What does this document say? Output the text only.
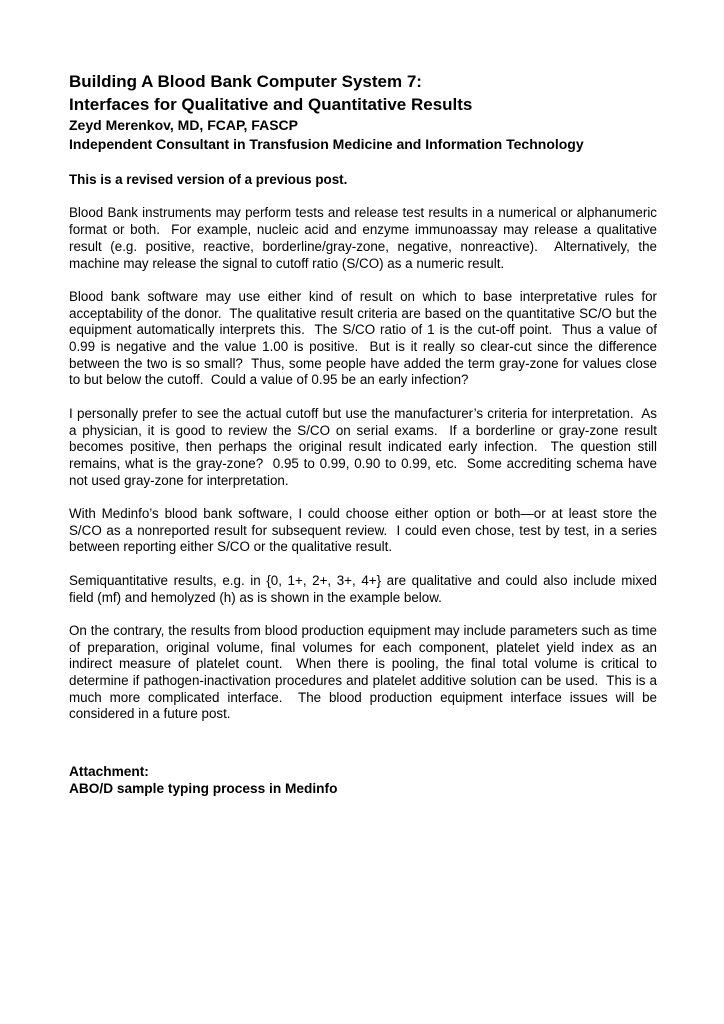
Building A Blood Bank Computer System 7:
Interfaces for Qualitative and Quantitative Results
Zeyd Merenkov, MD, FCAP, FASCP
Independent Consultant in Transfusion Medicine and Information Technology
This is a revised version of a previous post.

Blood Bank instruments may perform tests and release test results in a numerical or alphanumeric format or both.  For example, nucleic acid and enzyme immunoassay may release a qualitative result (e.g. positive, reactive, borderline/gray-zone, negative, nonreactive).  Alternatively, the machine may release the signal to cutoff ratio (S/CO) as a numeric result.

Blood bank software may use either kind of result on which to base interpretative rules for acceptability of the donor.  The qualitative result criteria are based on the quantitative SC/O but the equipment automatically interprets this.  The S/CO ratio of 1 is the cut-off point.  Thus a value of 0.99 is negative and the value 1.00 is positive.  But is it really so clear-cut since the difference between the two is so small?  Thus, some people have added the term gray-zone for values close to but below the cutoff.  Could a value of 0.95 be an early infection?

I personally prefer to see the actual cutoff but use the manufacturer’s criteria for interpretation.  As a physician, it is good to review the S/CO on serial exams.  If a borderline or gray-zone result becomes positive, then perhaps the original result indicated early infection.  The question still remains, what is the gray-zone?  0.95 to 0.99, 0.90 to 0.99, etc.  Some accrediting schema have not used gray-zone for interpretation.

With Medinfo’s blood bank software, I could choose either option or both—or at least store the S/CO as a nonreported result for subsequent review.  I could even chose, test by test, in a series between reporting either S/CO or the qualitative result.

Semiquantitative results, e.g. in {0, 1+, 2+, 3+, 4+} are qualitative and could also include mixed field (mf) and hemolyzed (h) as is shown in the example below.

On the contrary, the results from blood production equipment may include parameters such as time of preparation, original volume, final volumes for each component, platelet yield index as an indirect measure of platelet count.  When there is pooling, the final total volume is critical to determine if pathogen-inactivation procedures and platelet additive solution can be used.  This is a much more complicated interface.  The blood production equipment interface issues will be considered in a future post.

Attachment:
ABO/D sample typing process in Medinfo
